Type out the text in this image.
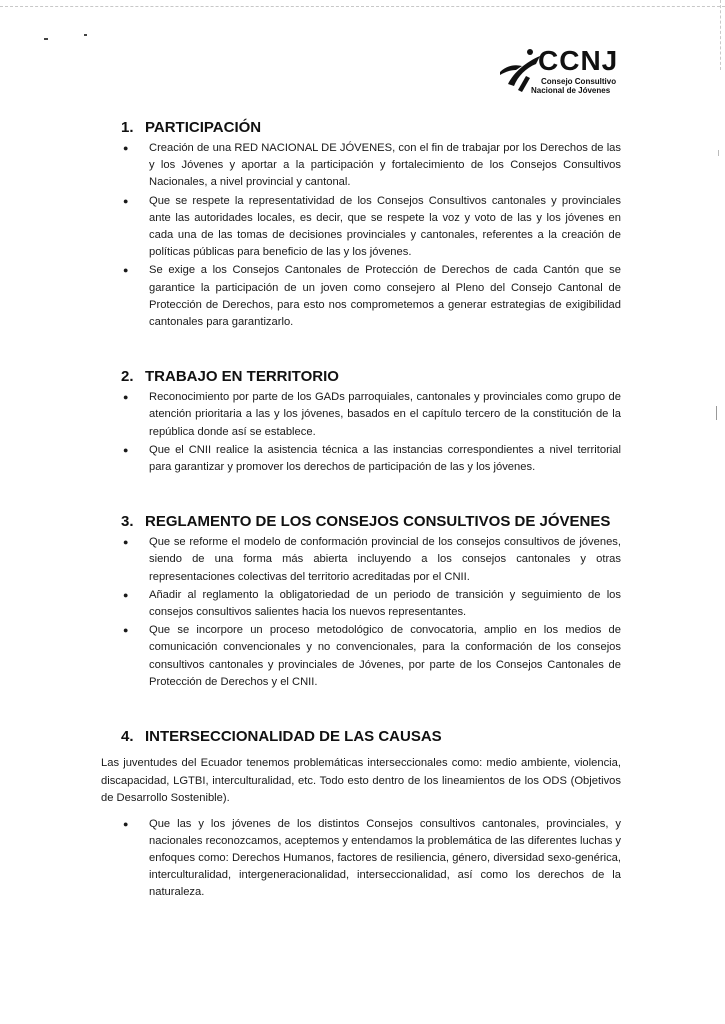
CCNJ
Consejo Consultivo
Nacional de Jóvenes
1. PARTICIPACIÓN
● Creación de una RED NACIONAL DE JÓVENES, con el fin de trabajar por los Derechos de las y los Jóvenes y aportar a la participación y fortalecimiento de los Consejos Consultivos Nacionales, a nivel provincial y cantonal.
● Que se respete la representatividad de los Consejos Consultivos cantonales y provinciales ante las autoridades locales, es decir, que se respete la voz y voto de las y los jóvenes en cada una de las tomas de decisiones provinciales y cantonales, referentes a la creación de políticas públicas para beneficio de las y los jóvenes.
● Se exige a los Consejos Cantonales de Protección de Derechos de cada Cantón que se garantice la participación de un joven como consejero al Pleno del Consejo Cantonal de Protección de Derechos, para esto nos comprometemos a generar estrategias de exigibilidad cantonales para garantizarlo.
2. TRABAJO EN TERRITORIO
● Reconocimiento por parte de los GADs parroquiales, cantonales y provinciales como grupo de atención prioritaria a las y los jóvenes, basados en el capítulo tercero de la constitución de la república donde así se establece.
● Que el CNII realice la asistencia técnica a las instancias correspondientes a nivel territorial para garantizar y promover los derechos de participación de las y los jóvenes.
3. REGLAMENTO DE LOS CONSEJOS CONSULTIVOS DE JÓVENES
● Que se reforme el modelo de conformación provincial de los consejos consultivos de jóvenes, siendo de una forma más abierta incluyendo a los consejos cantonales y otras representaciones colectivas del territorio acreditadas por el CNII.
● Añadir al reglamento la obligatoriedad de un periodo de transición y seguimiento de los consejos consultivos salientes hacia los nuevos representantes.
● Que se incorpore un proceso metodológico de convocatoria, amplio en los medios de comunicación convencionales y no convencionales, para la conformación de los consejos consultivos cantonales y provinciales de Jóvenes, por parte de los Consejos Cantonales de Protección de Derechos y el CNII.
4. INTERSECCIONALIDAD DE LAS CAUSAS

Las juventudes del Ecuador tenemos problemáticas interseccionales como: medio ambiente, violencia, discapacidad, LGTBI, interculturalidad, etc. Todo esto dentro de los lineamientos de los ODS (Objetivos de Desarrollo Sostenible).

● Que las y los jóvenes de los distintos Consejos consultivos cantonales, provinciales, y nacionales reconozcamos, aceptemos y entendamos la problemática de las diferentes luchas y enfoques como: Derechos Humanos, factores de resiliencia, género, diversidad sexo-genérica, interculturalidad, intergeneracionalidad, interseccionalidad, así como los derechos de la naturaleza.
